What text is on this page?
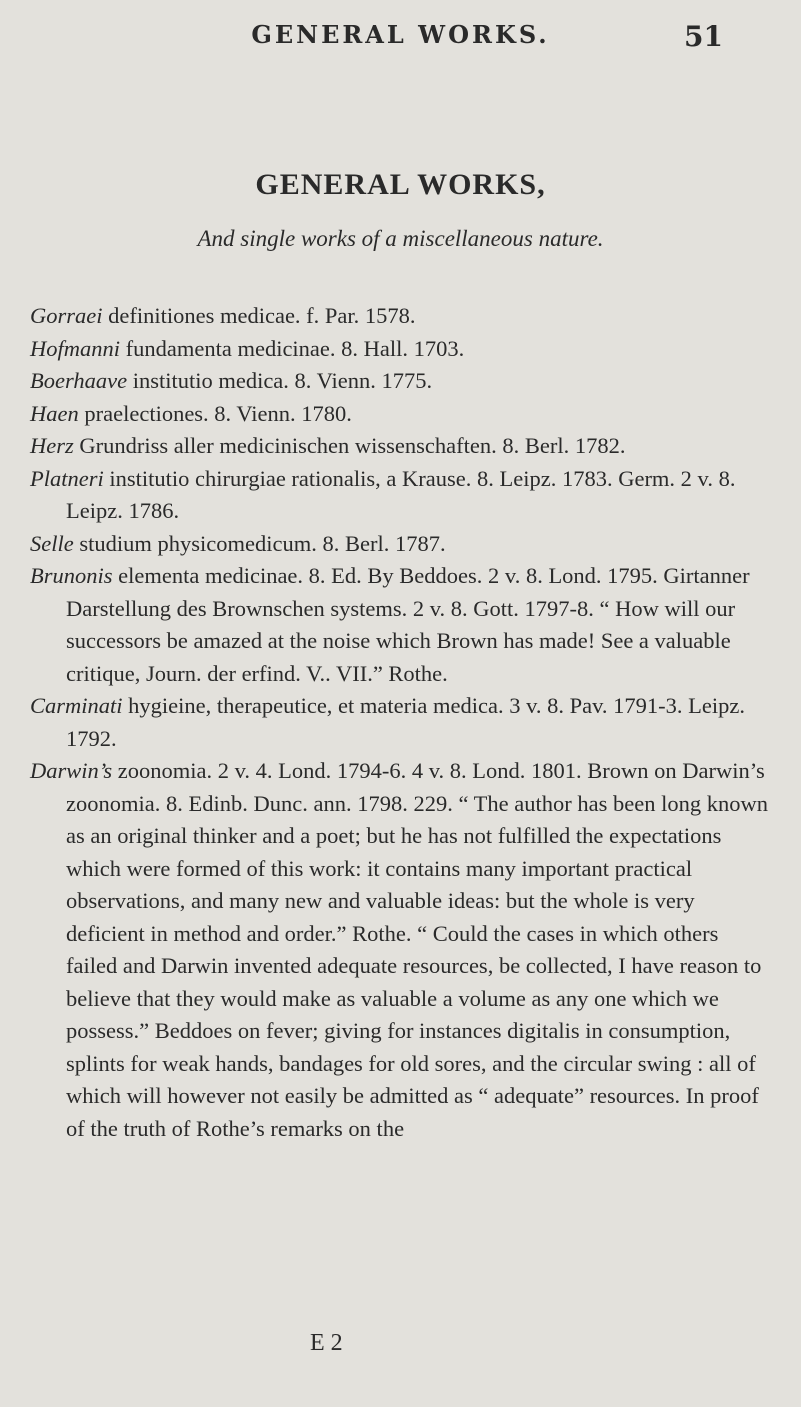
GENERAL WORKS.	51
GENERAL WORKS,
And single works of a miscellaneous nature.

Gorraei definitiones medicae. f. Par. 1578.

Hofmanni fundamenta medicinae. 8. Hall. 1703.

Boerhaave institutio medica. 8. Vienn. 1775.

Haen praelectiones. 8. Vienn. 1780.

Herz Grundriss aller medicinischen wissenschaften. 8. Berl. 1782.

Platneri institutio chirurgiae rationalis, a Krause. 8. Leipz. 1783. Germ. 2 v. 8. Leipz. 1786.

Selle studium physicomedicum. 8. Berl. 1787.

Brunonis elementa medicinae. 8. Ed. By Beddoes. 2 v. 8. Lond. 1795. Girtanner Darstellung des Brownschen systems. 2 v. 8. Gott. 1797-8. “ How will our successors be amazed at the noise which Brown has made! See a valuable critique, Journ. der erfind. V.. VII.” Rothe.

Carminati hygieine, therapeutice, et materia medica. 3 v. 8. Pav. 1791-3. Leipz. 1792.

Darwin’s zoonomia. 2 v. 4. Lond. 1794-6. 4 v. 8. Lond. 1801. Brown on Darwin’s zoonomia. 8. Edinb. Dunc. ann. 1798. 229. “ The author has been long known as an original thinker and a poet; but he has not fulfilled the expectations which were formed of this work: it contains many important practical observations, and many new and valuable ideas: but the whole is very deficient in method and order.” Rothe. “ Could the cases in which others failed and Darwin invented adequate resources, be collected, I have reason to believe that they would make as valuable a volume as any one which we possess.” Beddoes on fever; giving for instances digitalis in consumption, splints for weak hands, bandages for old sores, and the circular swing : all of which will however not easily be admitted as “ adequate” resources. In proof of the truth of Rothe’s remarks on the

E 2
